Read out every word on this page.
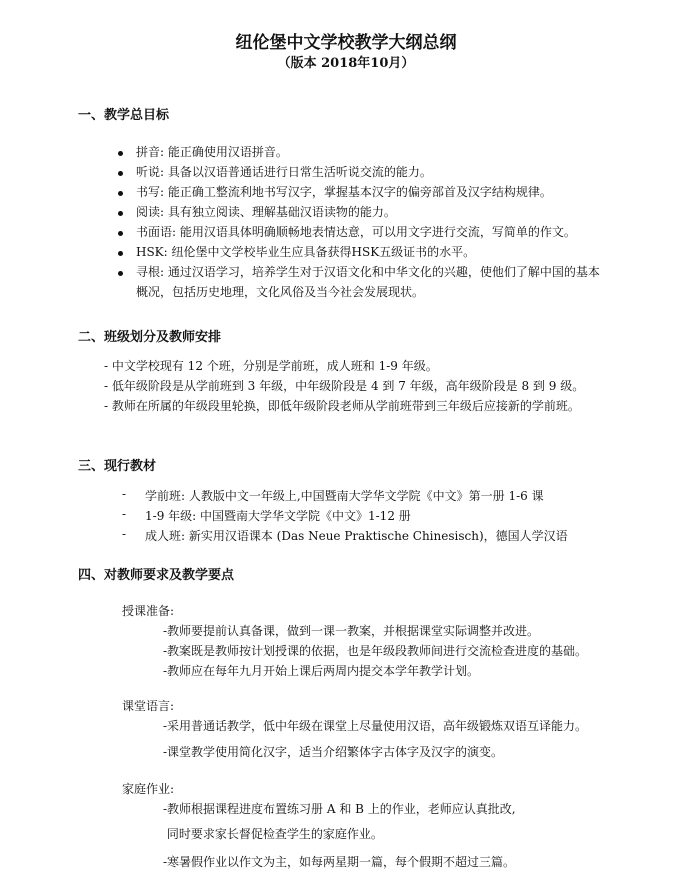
纽伦堡中文学校教学大纲总纲
（版本 2018年10月）
一、教学总目标
拼音: 能正确使用汉语拼音。
听说: 具备以汉语普通话进行日常生活听说交流的能力。
书写: 能正确工整流利地书写汉字，掌握基本汉字的偏旁部首及汉字结构规律。
阅读: 具有独立阅读、理解基础汉语读物的能力。
书面语: 能用汉语具体明确顺畅地表情达意，可以用文字进行交流，写简单的作文。
HSK: 纽伦堡中文学校毕业生应具备获得HSK五级证书的水平。
寻根: 通过汉语学习，培养学生对于汉语文化和中华文化的兴趣，使他们了解中国的基本
概况，包括历史地理，文化风俗及当今社会发展现状。
二、班级划分及教师安排
- 中文学校现有 12 个班，分别是学前班，成人班和 1-9 年级。
- 低年级阶段是从学前班到 3 年级，中年级阶段是 4 到 7 年级，高年级阶段是 8 到 9 级。
- 教师在所属的年级段里轮换，即低年级阶段老师从学前班带到三年级后应接新的学前班。
三、现行教材
- 学前班: 人教版中文一年级上,中国暨南大学华文学院《中文》第一册 1-6 课
- 1-9 年级: 中国暨南大学华文学院《中文》1-12 册
- 成人班: 新实用汉语课本 (Das Neue Praktische Chinesisch)，德国人学汉语
四、对教师要求及教学要点
授课准备:
-教师要提前认真备课，做到一课一教案，并根据课堂实际调整并改进。
-教案既是教师按计划授课的依据，也是年级段教师间进行交流检查进度的基础。
-教师应在每年九月开始上课后两周内提交本学年教学计划。
课堂语言:
-采用普通话教学，低中年级在课堂上尽量使用汉语，高年级锻炼双语互译能力。
-课堂教学使用简化汉字，适当介绍繁体字古体字及汉字的演变。
家庭作业:
-教师根据课程进度布置练习册 A 和 B 上的作业，老师应认真批改,
同时要求家长督促检查学生的家庭作业。
-寒暑假作业以作文为主，如每两星期一篇，每个假期不超过三篇。
